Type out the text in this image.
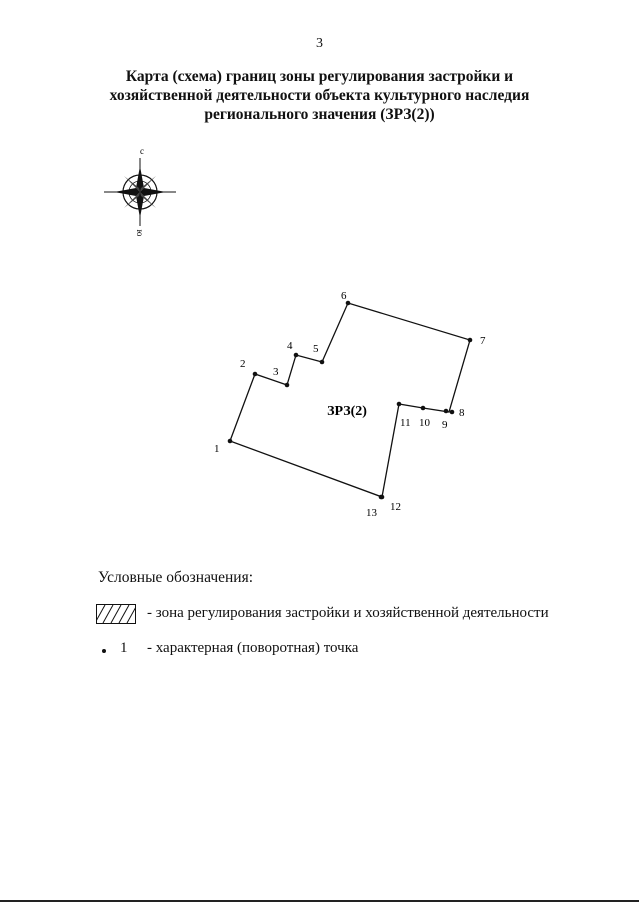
3
Карта (схема) границ зоны регулирования застройки и
хозяйственной деятельности объекта культурного наследия
регионального значения (ЗРЗ(2))
с
ю
1
2
3
4 5
6
7
8
9
10
11
12
13
ЗРЗ(2)
Условные обозначения:
- зона регулирования застройки и хозяйственной деятельности
1 - характерная (поворотная) точка
